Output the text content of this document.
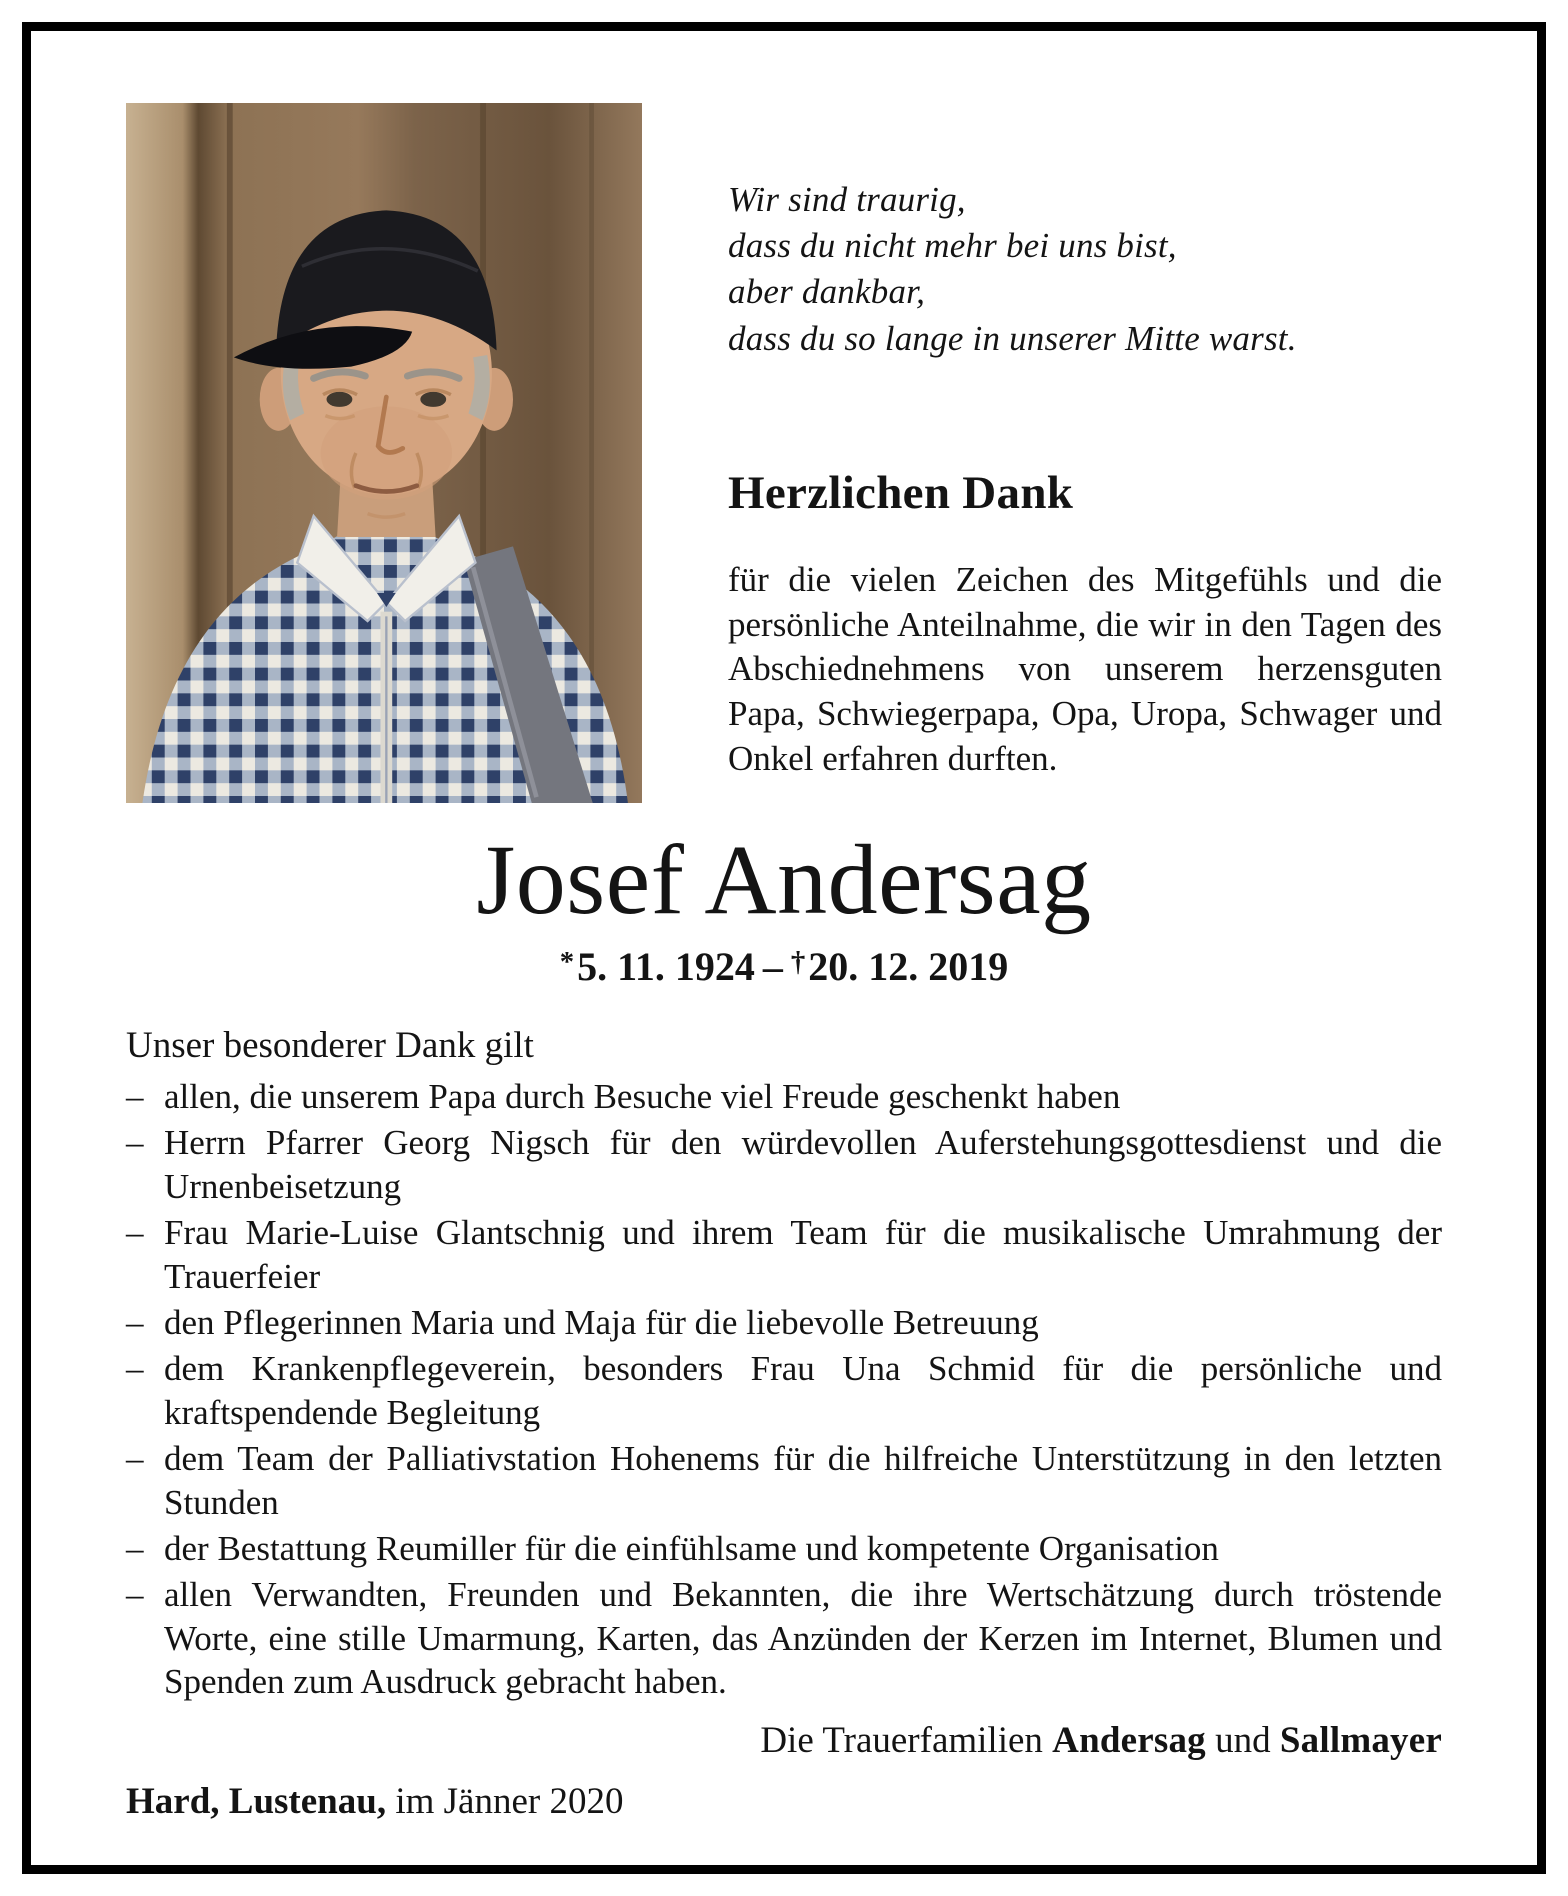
Wir sind traurig,
dass du nicht mehr bei uns bist,
aber dankbar,
dass du so lange in unserer Mitte warst.
Herzlichen Dank

für die vielen Zeichen des Mitgefühls und die persönliche Anteilnahme, die wir in den Tagen des Abschiednehmens von unserem herzensguten Papa, Schwiegerpapa, Opa, Uropa, Schwager und Onkel erfahren durften.

Josef Andersag
*5. 11. 1924 – †20. 12. 2019

Unser besonderer Dank gilt

– allen, die unserem Papa durch Besuche viel Freude geschenkt haben
– Herrn Pfarrer Georg Nigsch für den würdevollen Auferstehungsgottesdienst und die Urnenbeisetzung
– Frau Marie-Luise Glantschnig und ihrem Team für die musikalische Umrahmung der Trauerfeier
– den Pflegerinnen Maria und Maja für die liebevolle Betreuung
– dem Krankenpflegeverein, besonders Frau Una Schmid für die persönliche und kraftspendende Begleitung
– dem Team der Palliativstation Hohenems für die hilfreiche Unterstützung in den letzten Stunden
– der Bestattung Reumiller für die einfühlsame und kompetente Organisation
– allen Verwandten, Freunden und Bekannten, die ihre Wertschätzung durch tröstende Worte, eine stille Umarmung, Karten, das Anzünden der Kerzen im Internet, Blumen und Spenden zum Ausdruck gebracht haben.

Die Trauerfamilien Andersag und Sallmayer

Hard, Lustenau, im Jänner 2020
